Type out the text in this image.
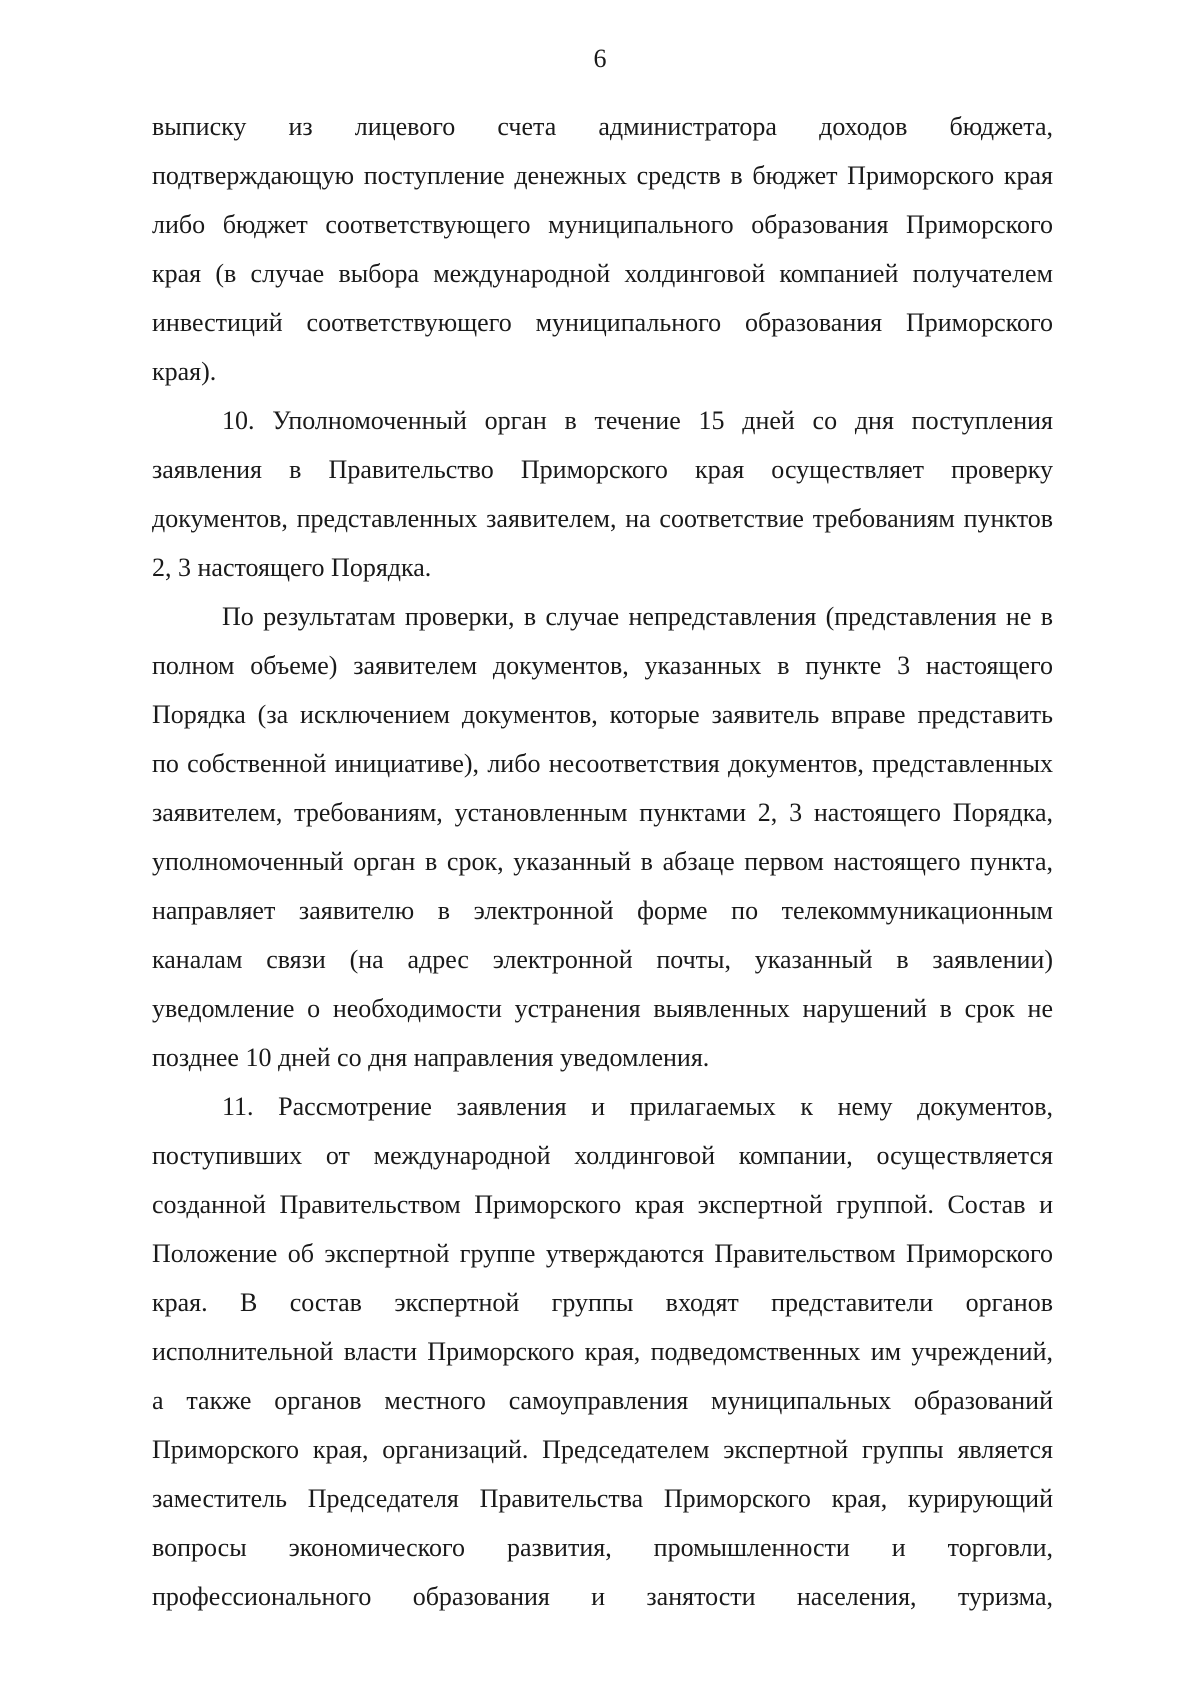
6
выписку из лицевого счета администратора доходов бюджета,
подтверждающую поступление денежных средств в бюджет Приморского края
либо бюджет соответствующего муниципального образования Приморского
края (в случае выбора международной холдинговой компанией получателем
инвестиций соответствующего муниципального образования Приморского
края).
10. Уполномоченный орган в течение 15 дней со дня поступления
заявления в Правительство Приморского края осуществляет проверку
документов, представленных заявителем, на соответствие требованиям пунктов
2, 3 настоящего Порядка.
По результатам проверки, в случае непредставления (представления не в
полном объеме) заявителем документов, указанных в пункте 3 настоящего
Порядка (за исключением документов, которые заявитель вправе представить
по собственной инициативе), либо несоответствия документов, представленных
заявителем, требованиям, установленным пунктами 2, 3 настоящего Порядка,
уполномоченный орган в срок, указанный в абзаце первом настоящего пункта,
направляет заявителю в электронной форме по телекоммуникационным
каналам связи (на адрес электронной почты, указанный в заявлении)
уведомление о необходимости устранения выявленных нарушений в срок не
позднее 10 дней со дня направления уведомления.
11. Рассмотрение заявления и прилагаемых к нему документов,
поступивших от международной холдинговой компании, осуществляется
созданной Правительством Приморского края экспертной группой. Состав и
Положение об экспертной группе утверждаются Правительством Приморского
края. В состав экспертной группы входят представители органов
исполнительной власти Приморского края, подведомственных им учреждений,
а также органов местного самоуправления муниципальных образований
Приморского края, организаций. Председателем экспертной группы является
заместитель Председателя Правительства Приморского края, курирующий
вопросы экономического развития, промышленности и торговли,
профессионального образования и занятости населения, туризма,
